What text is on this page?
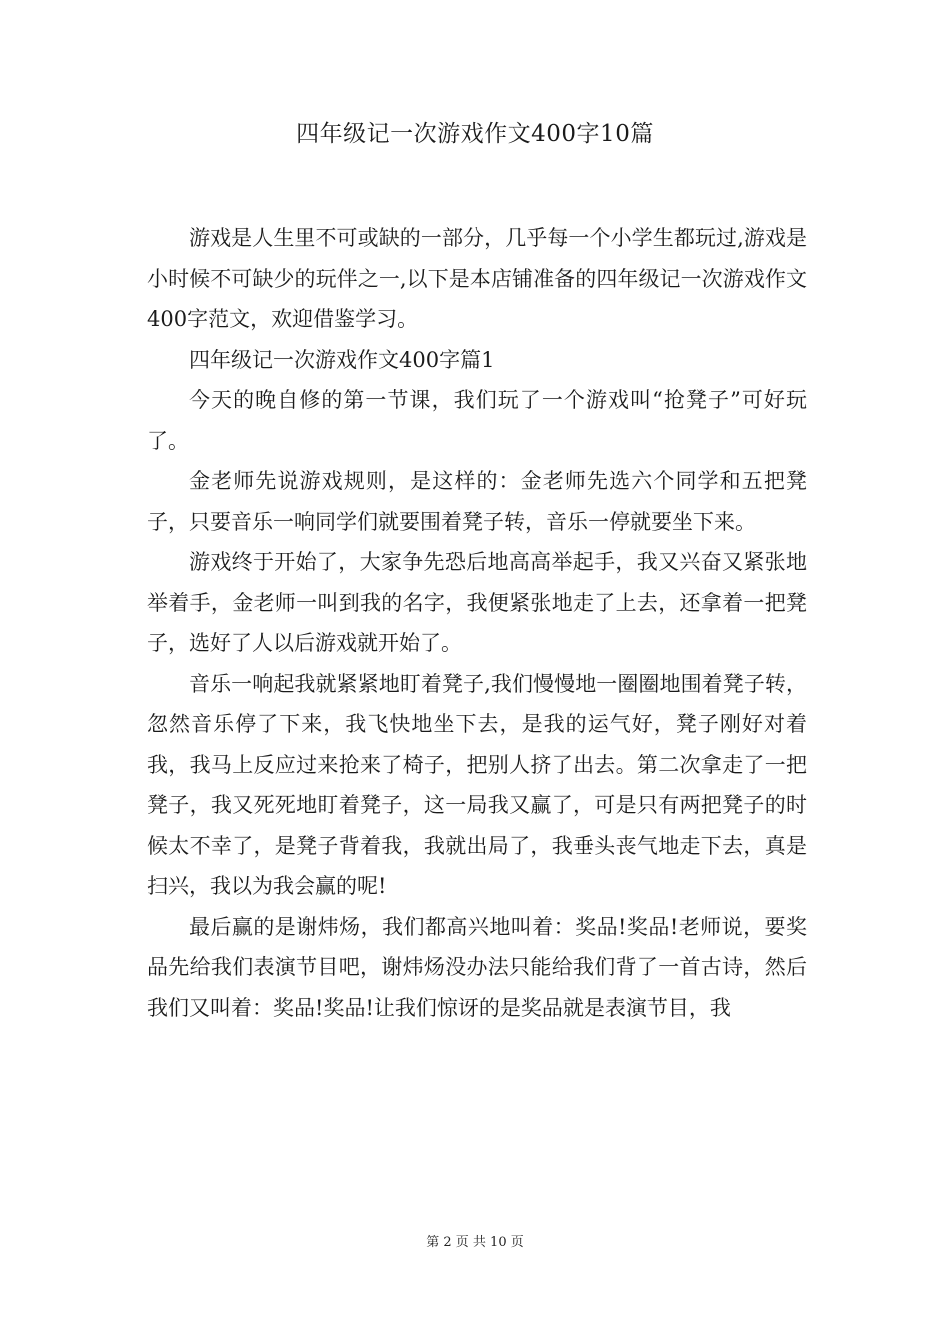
四年级记一次游戏作文400字10篇

游戏是人生里不可或缺的一部分，几乎每一个小学生都玩过,游戏是小时候不可缺少的玩伴之一,以下是本店铺准备的四年级记一次游戏作文400字范文，欢迎借鉴学习。

四年级记一次游戏作文400字篇1

今天的晚自修的第一节课，我们玩了一个游戏叫“抢凳子”可好玩了。

金老师先说游戏规则，是这样的：金老师先选六个同学和五把凳子，只要音乐一响同学们就要围着凳子转，音乐一停就要坐下来。

游戏终于开始了，大家争先恐后地高高举起手，我又兴奋又紧张地举着手，金老师一叫到我的名字，我便紧张地走了上去，还拿着一把凳子，选好了人以后游戏就开始了。

音乐一响起我就紧紧地盯着凳子,我们慢慢地一圈圈地围着凳子转，忽然音乐停了下来，我飞快地坐下去，是我的运气好，凳子刚好对着我，我马上反应过来抢来了椅子，把别人挤了出去。第二次拿走了一把凳子，我又死死地盯着凳子，这一局我又赢了，可是只有两把凳子的时候太不幸了，是凳子背着我，我就出局了，我垂头丧气地走下去，真是扫兴，我以为我会赢的呢!

最后赢的是谢炜炀，我们都高兴地叫着：奖品!奖品!老师说，要奖品先给我们表演节目吧，谢炜炀没办法只能给我们背了一首古诗，然后我们又叫着：奖品!奖品!让我们惊讶的是奖品就是表演节目，我

第 2 页 共 10 页
